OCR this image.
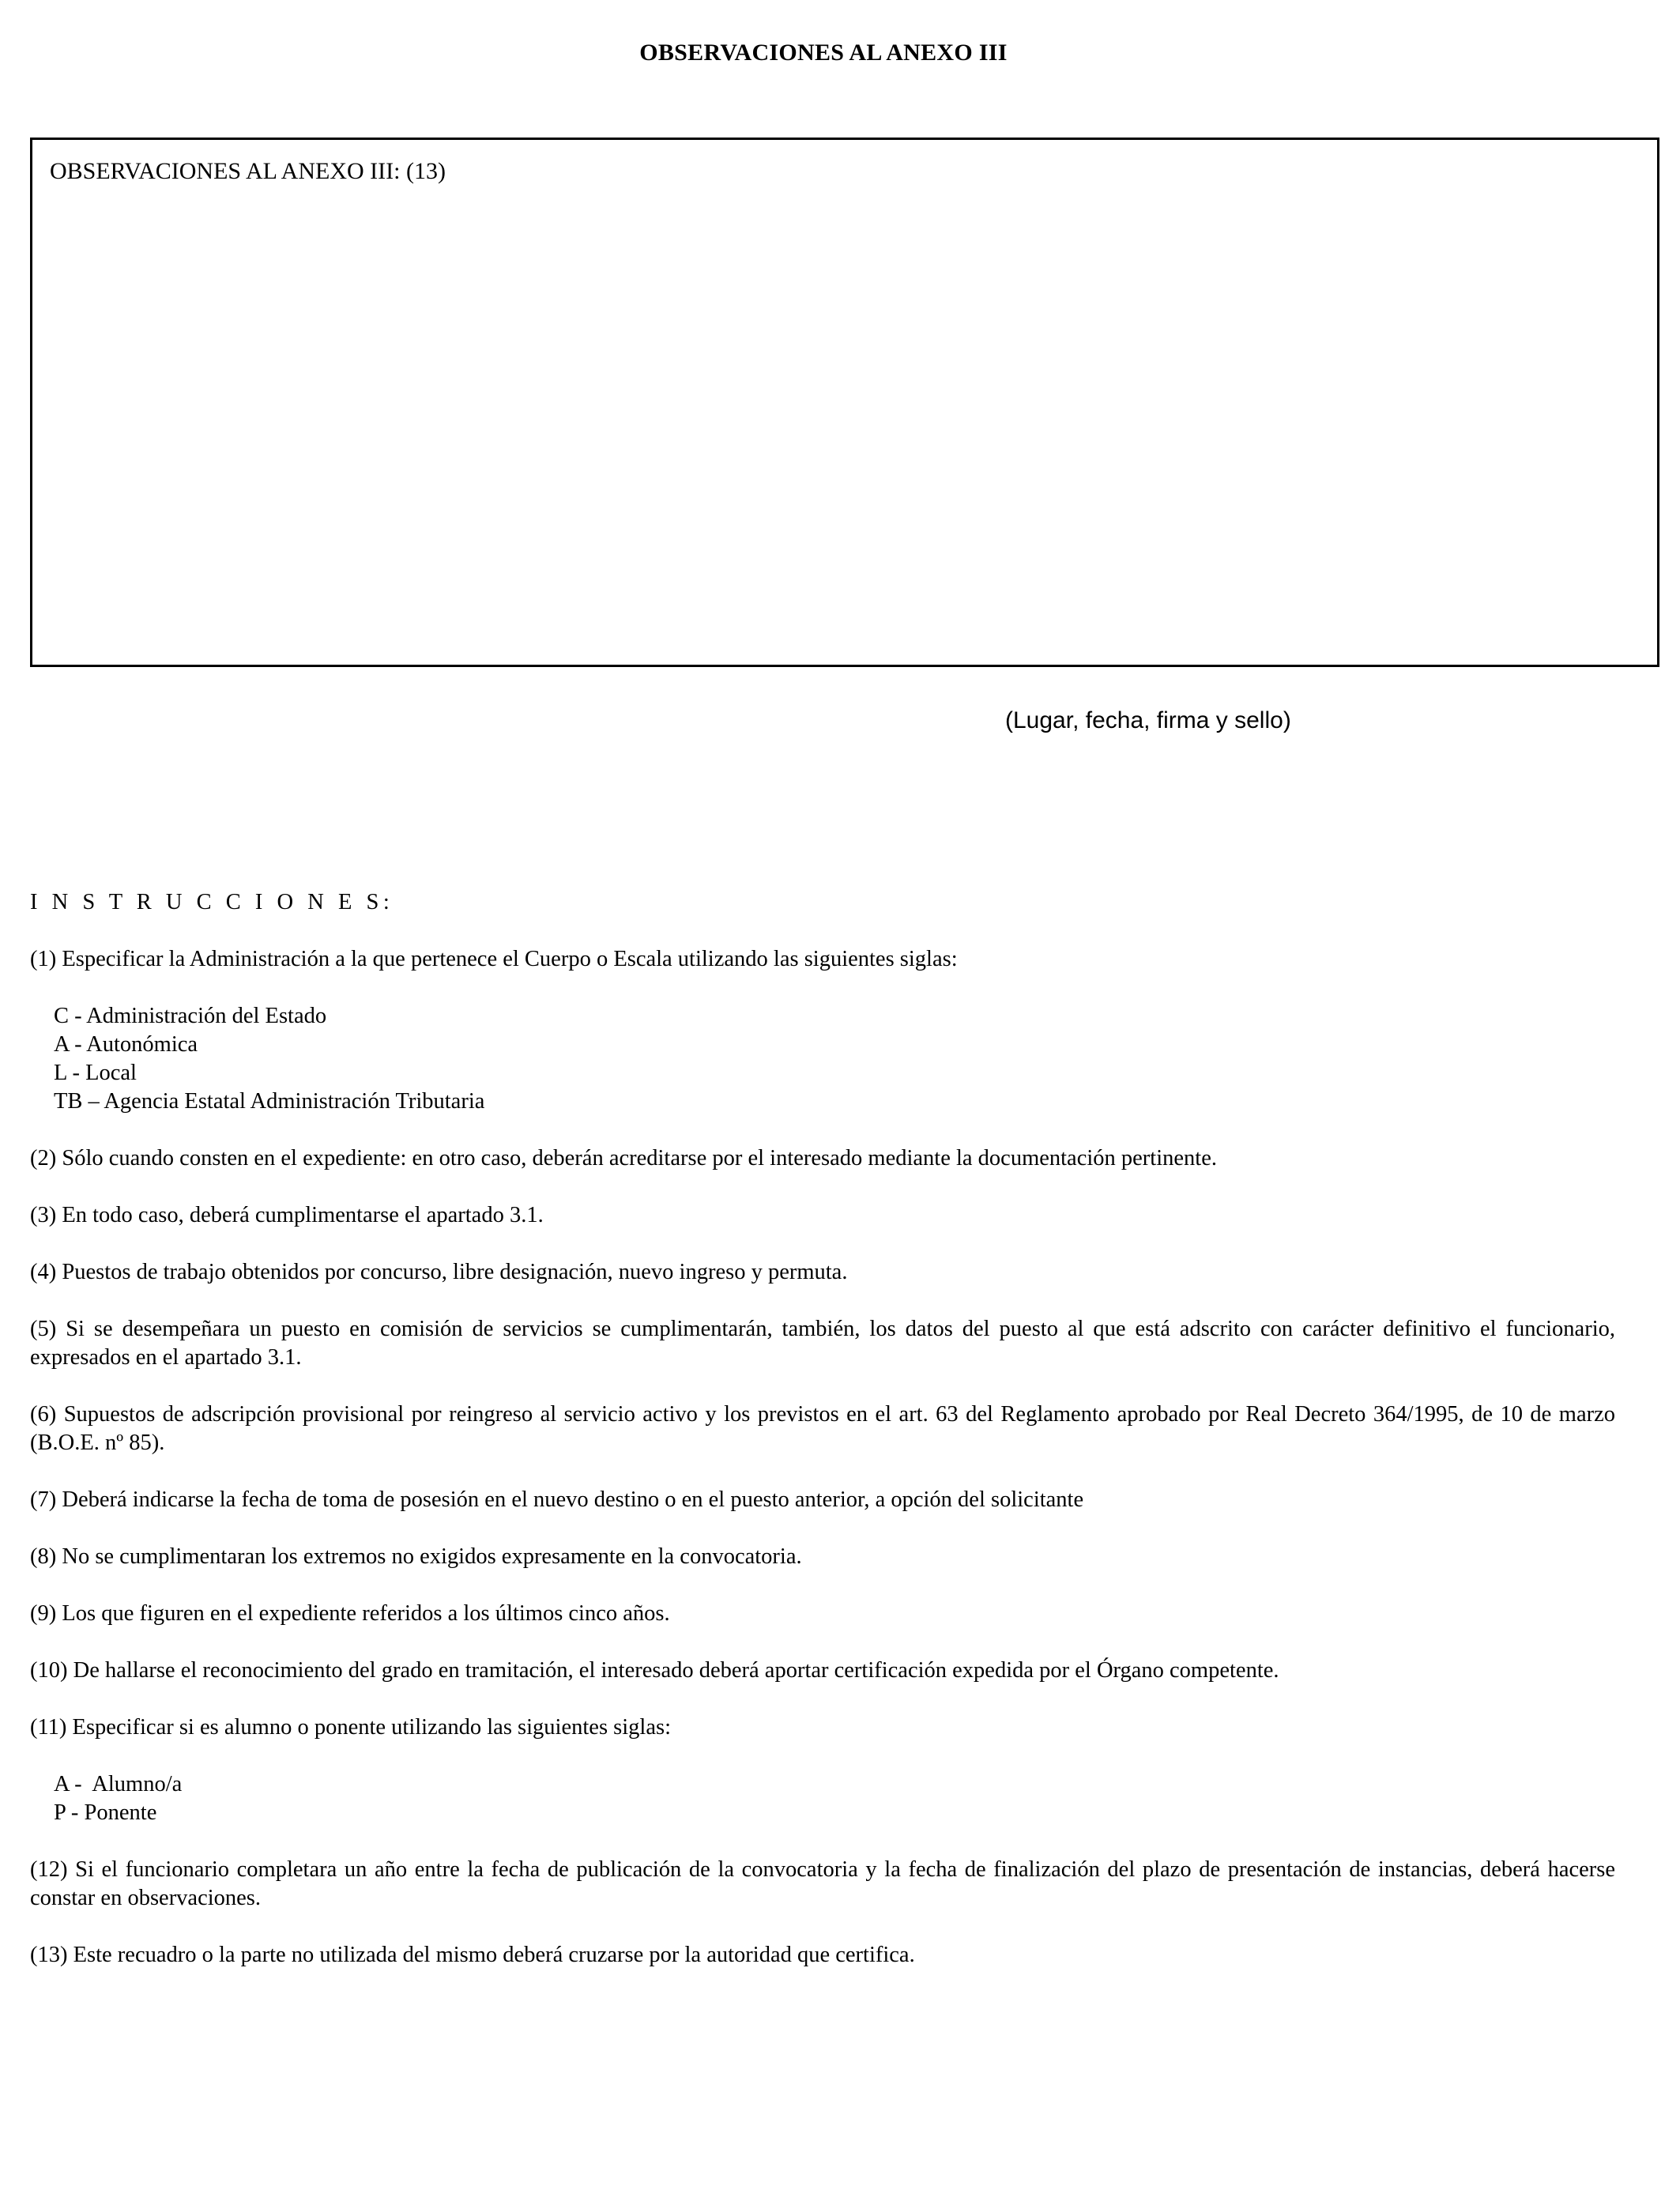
OBSERVACIONES AL ANEXO III
OBSERVACIONES AL ANEXO III: (13)
(Lugar, fecha, firma y sello)
I N S T R U C C I O N E S:
(1) Especificar la Administración a la que pertenece el Cuerpo o Escala utilizando las siguientes siglas:
C - Administración del Estado
A - Autonómica
L - Local
TB – Agencia Estatal Administración Tributaria
(2) Sólo cuando consten en el expediente: en otro caso, deberán acreditarse por el interesado mediante la documentación pertinente.
(3) En todo caso, deberá cumplimentarse el apartado 3.1.
(4) Puestos de trabajo obtenidos por concurso, libre designación, nuevo ingreso y permuta.
(5) Si se desempeñara un puesto en comisión de servicios se cumplimentarán, también, los datos del puesto al que está adscrito con carácter definitivo el funcionario, expresados en el apartado 3.1.
(6) Supuestos de adscripción provisional por reingreso al servicio activo y los previstos en el art. 63 del Reglamento aprobado por Real Decreto 364/1995, de 10 de marzo (B.O.E. nº 85).
(7) Deberá indicarse la fecha de toma de posesión en el nuevo destino o en el puesto anterior, a opción del solicitante
(8) No se cumplimentaran los extremos no exigidos expresamente en la convocatoria.
(9) Los que figuren en el expediente referidos a los últimos cinco años.
(10) De hallarse el reconocimiento del grado en tramitación, el interesado deberá aportar certificación expedida por el Órgano competente.
(11) Especificar si es alumno o ponente utilizando las siguientes siglas:
A -  Alumno/a
P - Ponente
(12) Si el funcionario completara un año entre la fecha de publicación de la convocatoria y la fecha de finalización del plazo de presentación de instancias, deberá hacerse constar en observaciones.
(13) Este recuadro o la parte no utilizada del mismo deberá cruzarse por la autoridad que certifica.
